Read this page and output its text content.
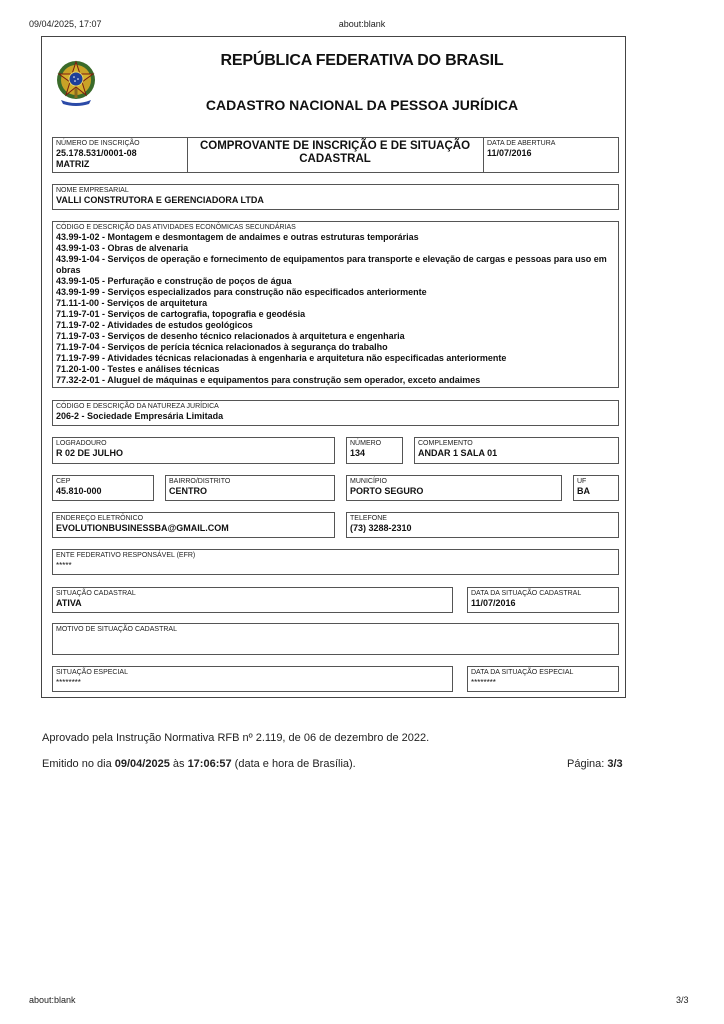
09/04/2025, 17:07	about:blank
REPÚBLICA FEDERATIVA DO BRASIL
CADASTRO NACIONAL DA PESSOA JURÍDICA
NÚMERO DE INSCRIÇÃO
25.178.531/0001-08
MATRIZ
COMPROVANTE DE INSCRIÇÃO E DE SITUAÇÃO CADASTRAL
DATA DE ABERTURA
11/07/2016
NOME EMPRESARIAL
VALLI CONSTRUTORA E GERENCIADORA LTDA
CÓDIGO E DESCRIÇÃO DAS ATIVIDADES ECONÔMICAS SECUNDÁRIAS
43.99-1-02 - Montagem e desmontagem de andaimes e outras estruturas temporárias
43.99-1-03 - Obras de alvenaria
43.99-1-04 - Serviços de operação e fornecimento de equipamentos para transporte e elevação de cargas e pessoas para uso em obras
43.99-1-05 - Perfuração e construção de poços de água
43.99-1-99 - Serviços especializados para construção não especificados anteriormente
71.11-1-00 - Serviços de arquitetura
71.19-7-01 - Serviços de cartografia, topografia e geodésia
71.19-7-02 - Atividades de estudos geológicos
71.19-7-03 - Serviços de desenho técnico relacionados à arquitetura e engenharia
71.19-7-04 - Serviços de perícia técnica relacionados à segurança do trabalho
71.19-7-99 - Atividades técnicas relacionadas à engenharia e arquitetura não especificadas anteriormente
71.20-1-00 - Testes e análises técnicas
77.32-2-01 - Aluguel de máquinas e equipamentos para construção sem operador, exceto andaimes
CÓDIGO E DESCRIÇÃO DA NATUREZA JURÍDICA
206-2 - Sociedade Empresária Limitada
LOGRADOURO
R 02 DE JULHO
NÚMERO
134
COMPLEMENTO
ANDAR 1 SALA 01
CEP
45.810-000
BAIRRO/DISTRITO
CENTRO
MUNICÍPIO
PORTO SEGURO
UF
BA
ENDEREÇO ELETRÔNICO
EVOLUTIONBUSINESSBA@GMAIL.COM
TELEFONE
(73) 3288-2310
ENTE FEDERATIVO RESPONSÁVEL (EFR)
*****
SITUAÇÃO CADASTRAL
ATIVA
DATA DA SITUAÇÃO CADASTRAL
11/07/2016
MOTIVO DE SITUAÇÃO CADASTRAL
SITUAÇÃO ESPECIAL
********
DATA DA SITUAÇÃO ESPECIAL
********
Aprovado pela Instrução Normativa RFB nº 2.119, de 06 de dezembro de 2022.
Emitido no dia 09/04/2025 às 17:06:57 (data e hora de Brasília).	Página: 3/3
about:blank	3/3
